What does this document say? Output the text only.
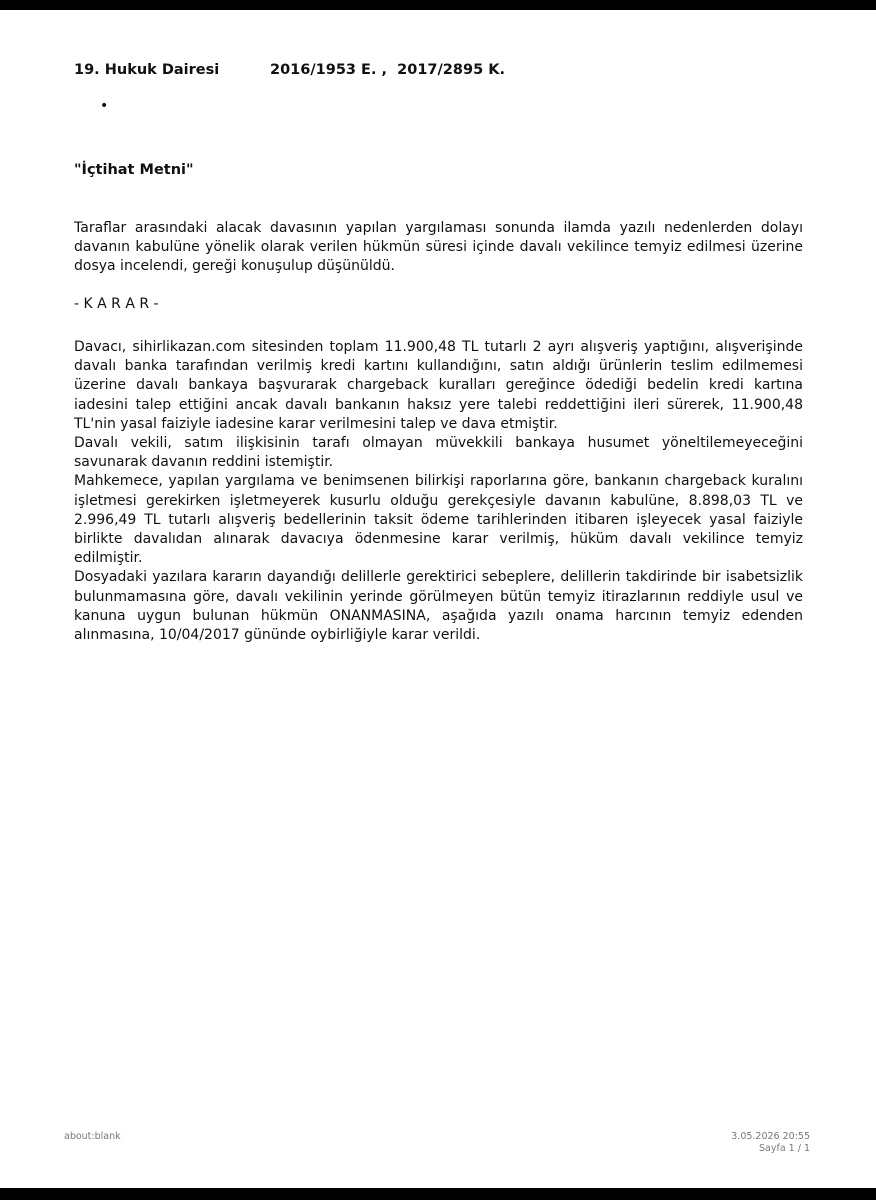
19. Hukuk Dairesi	2016/1953 E. , 2017/2895 K.
•
"İçtihat Metni"

Taraflar arasındaki alacak davasının yapılan yargılaması sonunda ilamda yazılı nedenlerden dolayı davanın kabulüne yönelik olarak verilen hükmün süresi içinde davalı vekilince temyiz edilmesi üzerine dosya incelendi, gereği konuşulup düşünüldü.

- K A R A R -

Davacı, sihirlikazan.com sitesinden toplam 11.900,48 TL tutarlı 2 ayrı alışveriş yaptığını, alışverişinde davalı banka tarafından verilmiş kredi kartını kullandığını, satın aldığı ürünlerin teslim edilmemesi üzerine davalı bankaya başvurarak chargeback kuralları gereğince ödediği bedelin kredi kartına iadesini talep ettiğini ancak davalı bankanın haksız yere talebi reddettiğini ileri sürerek, 11.900,48 TL'nin yasal faiziyle iadesine karar verilmesini talep ve dava etmiştir.

Davalı vekili, satım ilişkisinin tarafı olmayan müvekkili bankaya husumet yöneltilemeyeceğini savunarak davanın reddini istemiştir.

Mahkemece, yapılan yargılama ve benimsenen bilirkişi raporlarına göre, bankanın chargeback kuralını işletmesi gerekirken işletmeyerek kusurlu olduğu gerekçesiyle davanın kabulüne, 8.898,03 TL ve 2.996,49 TL tutarlı alışveriş bedellerinin taksit ödeme tarihlerinden itibaren işleyecek yasal faiziyle birlikte davalıdan alınarak davacıya ödenmesine karar verilmiş, hüküm davalı vekilince temyiz edilmiştir.

Dosyadaki yazılara kararın dayandığı delillerle gerektirici sebeplere, delillerin takdirinde bir isabetsizlik bulunmamasına göre, davalı vekilinin yerinde görülmeyen bütün temyiz itirazlarının reddiyle usul ve kanuna uygun bulunan hükmün ONANMASINA, aşağıda yazılı onama harcının temyiz edenden alınmasına, 10/04/2017 gününde oybirliğiyle karar verildi.

about:blank	3.05.2026 20:55
Sayfa 1 / 1
